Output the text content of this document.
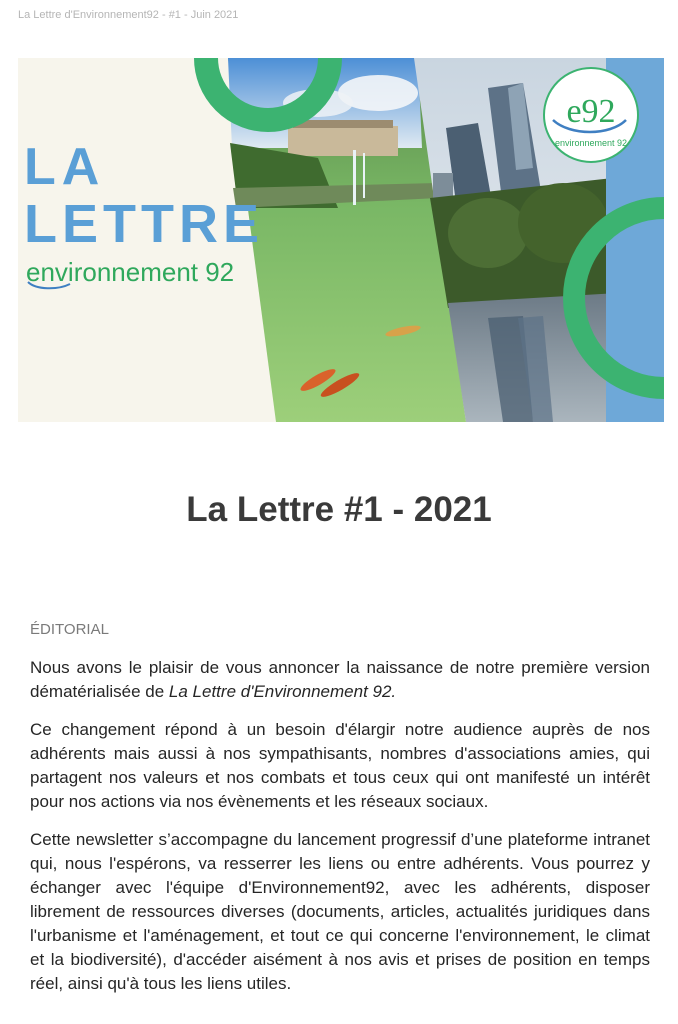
La Lettre d'Environnement92 - #1 - Juin 2021
e92
environnement 92
LA
LETTRE
environnement 92
La Lettre #1 - 2021
ÉDITORIAL

Nous avons le plaisir de vous annoncer la naissance de notre première version dématérialisée de La Lettre d'Environnement 92.

Ce changement répond à un besoin d'élargir notre audience auprès de nos adhérents mais aussi à nos sympathisants, nombres d'associations amies, qui partagent nos valeurs et nos combats et tous ceux qui ont manifesté un intérêt pour nos actions via nos évènements et les réseaux sociaux.

Cette newsletter s’accompagne du lancement progressif d’une plateforme intranet qui, nous l'espérons, va resserrer les liens ou entre adhérents. Vous pourrez y échanger avec l'équipe d'Environnement92, avec les adhérents, disposer librement de ressources diverses (documents, articles, actualités juridiques dans l'urbanisme et l'aménagement, et tout ce qui concerne l'environnement, le climat et la biodiversité), d'accéder aisément à nos avis et prises de position en temps réel, ainsi qu'à tous les liens utiles.
